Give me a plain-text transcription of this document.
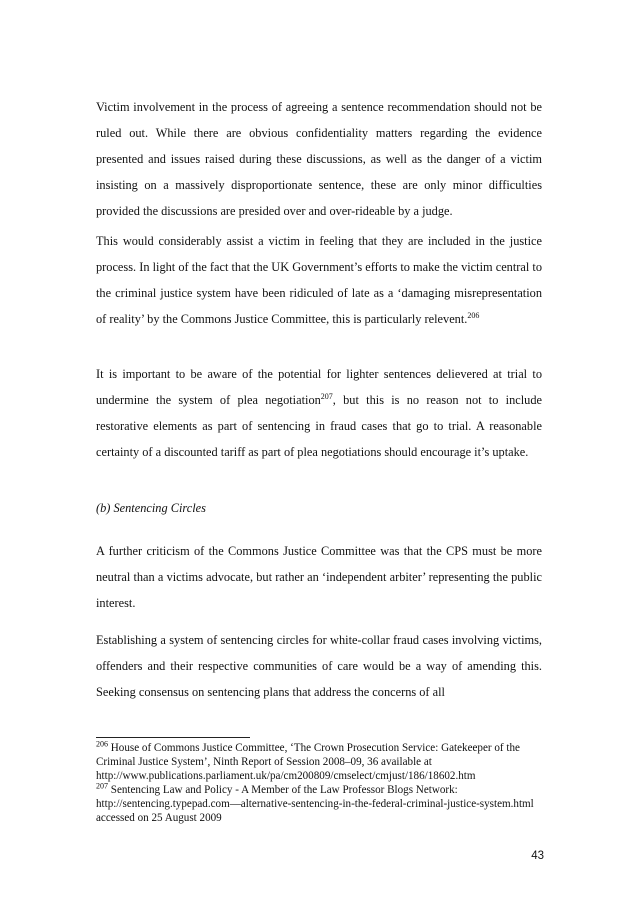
Victim involvement in the process of agreeing a sentence recommendation should not be ruled out. While there are obvious confidentiality matters regarding the evidence presented and issues raised during these discussions, as well as the danger of a victim insisting on a massively disproportionate sentence, these are only minor difficulties provided the discussions are presided over and over-rideable by a judge.

This would considerably assist a victim in feeling that they are included in the justice process. In light of the fact that the UK Government’s efforts to make the victim central to the criminal justice system have been ridiculed of late as a ‘damaging misrepresentation of reality’ by the Commons Justice Committee, this is particularly relevent.$^{206}$

It is important to be aware of the potential for lighter sentences delievered at trial to undermine the system of plea negotiation$^{207}$, but this is no reason not to include restorative elements as part of sentencing in fraud cases that go to trial. A reasonable certainty of a discounted tariff as part of plea negotiations should encourage it’s uptake.

(b) Sentencing Circles

A further criticism of the Commons Justice Committee was that the CPS must be more neutral than a victims advocate, but rather an ‘independent arbiter’ representing the public interest.

Establishing a system of sentencing circles for white-collar fraud cases involving victims, offenders and their respective communities of care would be a way of amending this. Seeking consensus on sentencing plans that address the concerns of all

$^{206}$ House of Commons Justice Committee, ‘The Crown Prosecution Service: Gatekeeper of the Criminal Justice System’, Ninth Report of Session 2008–09, 36 available at http://www.publications.parliament.uk/pa/cm200809/cmselect/cmjust/186/18602.htm

$^{207}$ Sentencing Law and Policy - A Member of the Law Professor Blogs Network: http://sentencing.typepad.com—alternative-sentencing-in-the-federal-criminal-justice-system.html accessed on 25 August 2009

43
